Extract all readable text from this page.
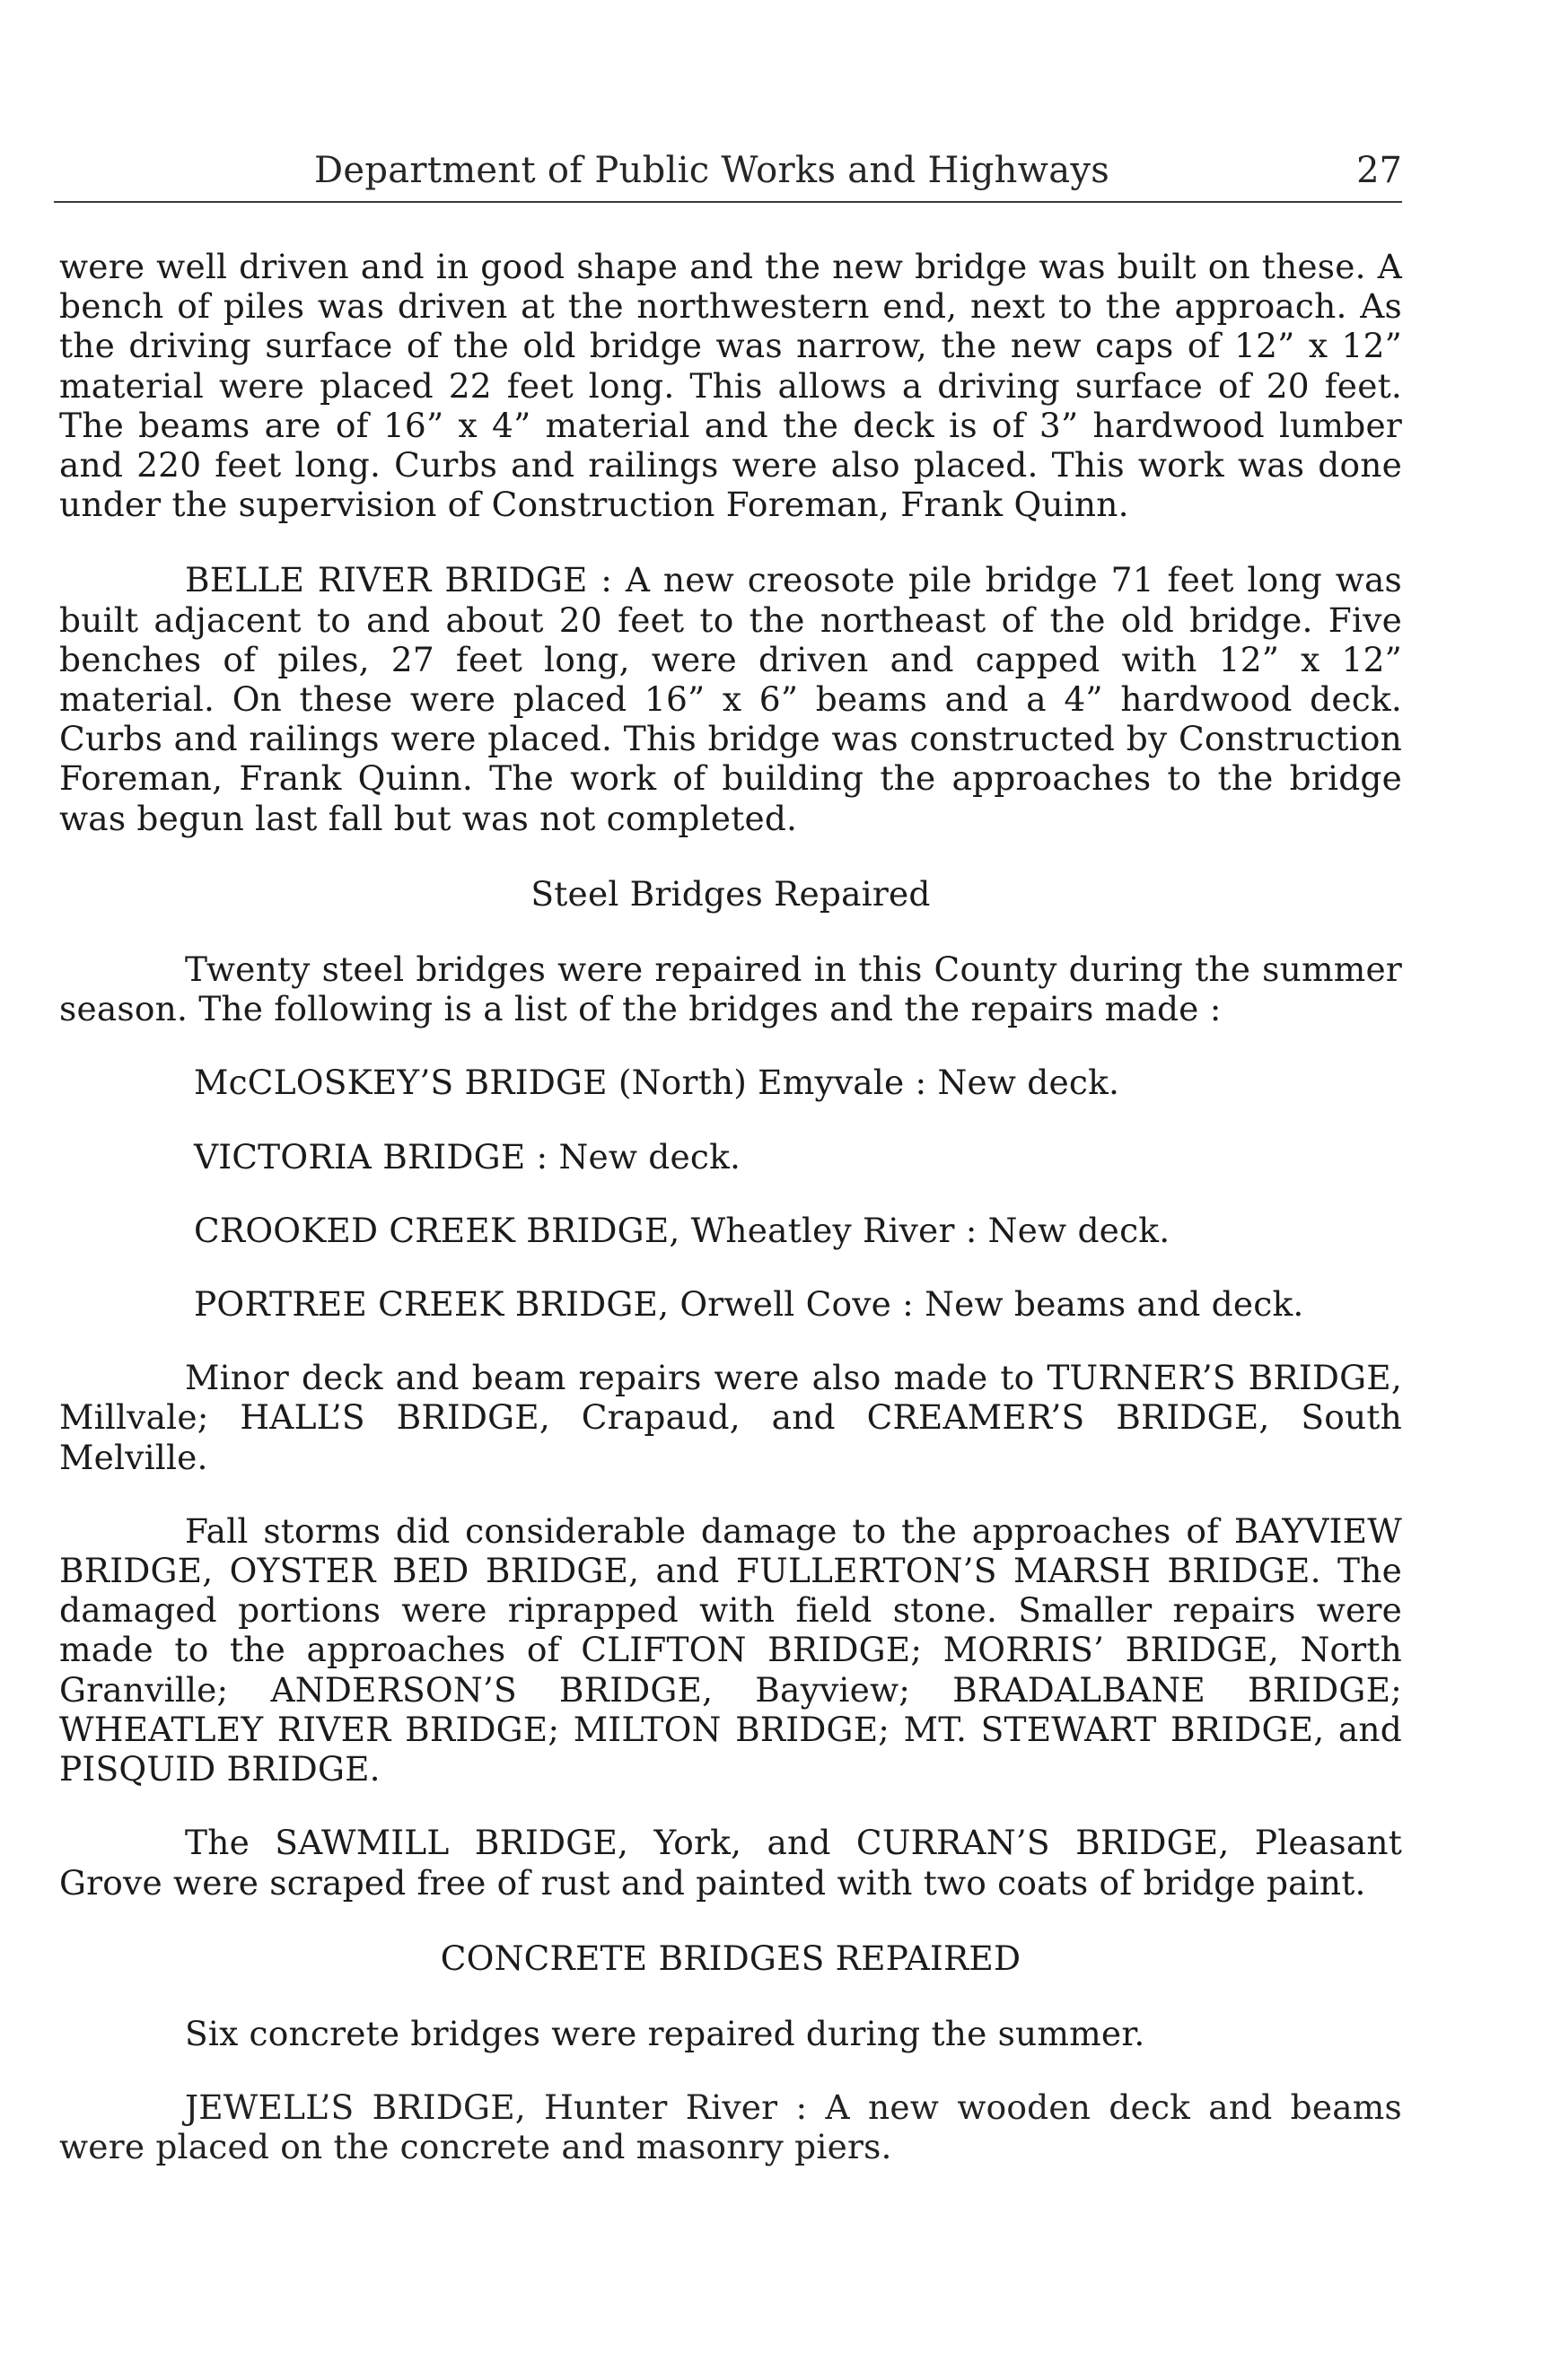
Department of Public Works and Highways	27

were well driven and in good shape and the new bridge was built on these. A bench of piles was driven at the northwestern end, next to the approach. As the driving surface of the old bridge was narrow, the new caps of 12” x 12” material were placed 22 feet long. This allows a driving surface of 20 feet. The beams are of 16” x 4” material and the deck is of 3” hardwood lumber and 220 feet long. Curbs and railings were also placed. This work was done under the supervision of Construction Foreman, Frank Quinn.

BELLE RIVER BRIDGE : A new creosote pile bridge 71 feet long was built adjacent to and about 20 feet to the northeast of the old bridge. Five benches of piles, 27 feet long, were driven and capped with 12” x 12” material. On these were placed 16” x 6” beams and a 4” hardwood deck. Curbs and railings were placed. This bridge was constructed by Construction Foreman, Frank Quinn. The work of building the approaches to the bridge was begun last fall but was not completed.

Steel Bridges Repaired

Twenty steel bridges were repaired in this County during the summer season. The following is a list of the bridges and the repairs made :

McCLOSKEY’S BRIDGE (North) Emyvale : New deck.

VICTORIA BRIDGE : New deck.

CROOKED CREEK BRIDGE, Wheatley River : New deck.

PORTREE CREEK BRIDGE, Orwell Cove : New beams and deck.

Minor deck and beam repairs were also made to TURNER’S BRIDGE, Millvale; HALL’S BRIDGE, Crapaud, and CREAMER’S BRIDGE, South Melville.

Fall storms did considerable damage to the approaches of BAYVIEW BRIDGE, OYSTER BED BRIDGE, and FULLERTON’S MARSH BRIDGE. The damaged portions were riprapped with field stone. Smaller repairs were made to the approaches of CLIFTON BRIDGE; MORRIS’ BRIDGE, North Granville; ANDERSON’S BRIDGE, Bayview; BRADALBANE BRIDGE; WHEATLEY RIVER BRIDGE; MILTON BRIDGE; MT. STEWART BRIDGE, and PISQUID BRIDGE.

The SAWMILL BRIDGE, York, and CURRAN’S BRIDGE, Pleasant Grove were scraped free of rust and painted with two coats of bridge paint.

CONCRETE BRIDGES REPAIRED

Six concrete bridges were repaired during the summer.

JEWELL’S BRIDGE, Hunter River : A new wooden deck and beams were placed on the concrete and masonry piers.
